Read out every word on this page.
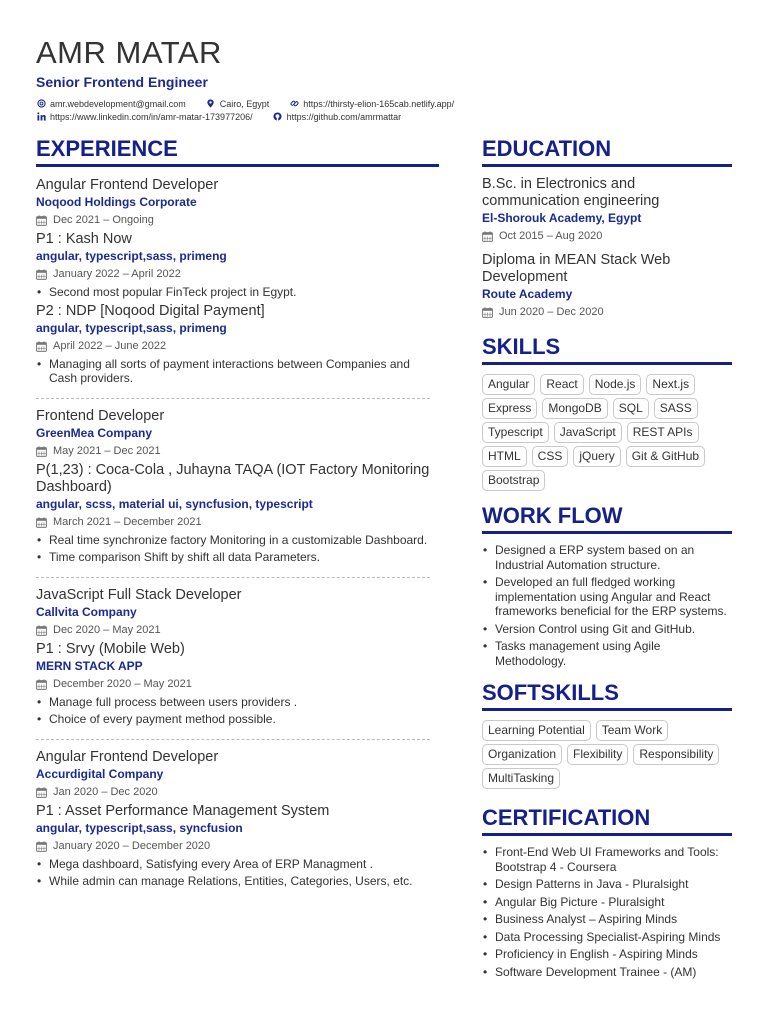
AMR MATAR
Senior Frontend Engineer
amr.webdevelopment@gmail.com	Cairo, Egypt	https://thirsty-elion-165cab.netlify.app/
https://www.linkedin.com/in/amr-matar-173977206/	https://github.com/amrmattar
EXPERIENCE
Angular Frontend Developer
Noqood Holdings Corporate
Dec 2021 – Ongoing
P1 : Kash Now
angular, typescript,sass, primeng
January 2022 – April 2022
• Second most popular FinTeck project in Egypt.
P2 : NDP [Noqood Digital Payment]
angular, typescript,sass, primeng
April 2022 – June 2022
• Managing all sorts of payment interactions between Companies and Cash providers.
Frontend Developer
GreenMea Company
May 2021 – Dec 2021
P(1,23) : Coca-Cola , Juhayna TAQA (IOT Factory Monitoring Dashboard)
angular, scss, material ui, syncfusion, typescript
March 2021 – December 2021
• Real time synchronize factory Monitoring in a customizable Dashboard.
• Time comparison Shift by shift all data Parameters.
JavaScript Full Stack Developer
Callvita Company
Dec 2020 – May 2021
P1 : Srvy (Mobile Web)
MERN STACK APP
December 2020 – May 2021
• Manage full process between users providers .
• Choice of every payment method possible.
Angular Frontend Developer
Accurdigital Company
Jan 2020 – Dec 2020
P1 : Asset Performance Management System
angular, typescript,sass, syncfusion
January 2020 – December 2020
• Mega dashboard, Satisfying every Area of ERP Managment .
• While admin can manage Relations, Entities, Categories, Users, etc.
EDUCATION
B.Sc. in Electronics and communication engineering
El-Shorouk Academy, Egypt
Oct 2015 – Aug 2020
Diploma in MEAN Stack Web Development
Route Academy
Jun 2020 – Dec 2020
SKILLS
Angular	React	Node.js	Next.js
Express	MongoDB	SQL	SASS
Typescript	JavaScript	REST APIs
HTML	CSS	jQuery	Git & GitHub
Bootstrap
WORK FLOW
• Designed a ERP system based on an Industrial Automation structure.
• Developed an full fledged working implementation using Angular and React frameworks beneficial for the ERP systems.
• Version Control using Git and GitHub.
• Tasks management using Agile Methodology.
SOFTSKILLS
Learning Potential	Team Work
Organization	Flexibility	Responsibility
MultiTasking
CERTIFICATION
• Front-End Web UI Frameworks and Tools: Bootstrap 4 - Coursera
• Design Patterns in Java - Pluralsight
• Angular Big Picture - Pluralsight
• Business Analyst – Aspiring Minds
• Data Processing Specialist-Aspiring Minds
• Proficiency in English - Aspiring Minds
• Software Development Trainee - (AM)
